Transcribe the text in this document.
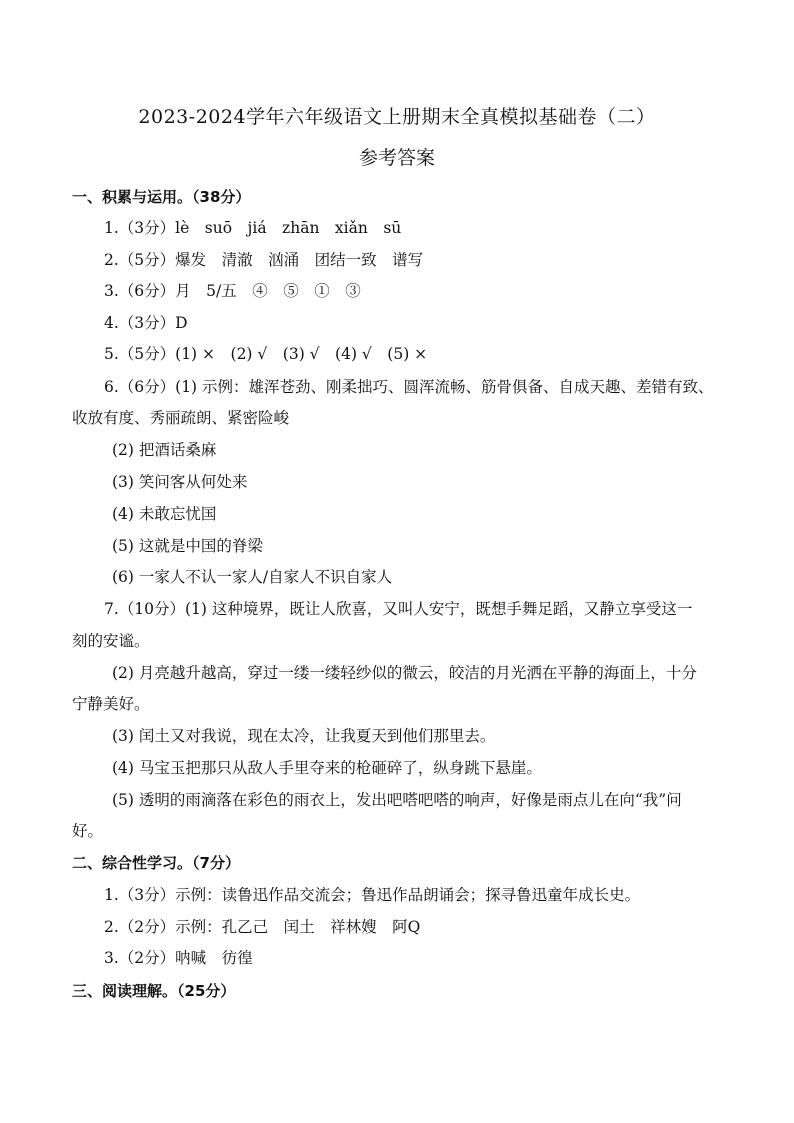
2023-2024学年六年级语文上册期末全真模拟基础卷（二）
参考答案
一、积累与运用。（38分）
1.（3分）lè　suō　jiá　zhān　xiǎn　sū
2.（5分）爆发　清澈　汹涌　团结一致　谱写
3.（6分）月　5/五　④　⑤　①　③
4.（3分）D
5.（5分）(1) ×　(2) √　(3) √　(4) √　(5) ×
6.（6分）(1) 示例：雄浑苍劲、刚柔拙巧、圆浑流畅、筋骨俱备、自成天趣、差错有致、
收放有度、秀丽疏朗、紧密险峻
(2) 把酒话桑麻
(3) 笑问客从何处来
(4) 未敢忘忧国
(5) 这就是中国的脊梁
(6) 一家人不认一家人/自家人不识自家人
7.（10分）(1) 这种境界，既让人欣喜，又叫人安宁，既想手舞足蹈，又静立享受这一
刻的安谧。
(2) 月亮越升越高，穿过一缕一缕轻纱似的微云，皎洁的月光洒在平静的海面上，十分
宁静美好。
(3) 闰土又对我说，现在太冷，让我夏天到他们那里去。
(4) 马宝玉把那只从敌人手里夺来的枪砸碎了，纵身跳下悬崖。
(5) 透明的雨滴落在彩色的雨衣上，发出吧嗒吧嗒的响声，好像是雨点儿在向“我”问
好。
二、综合性学习。（7分）
1.（3分）示例：读鲁迅作品交流会；鲁迅作品朗诵会；探寻鲁迅童年成长史。
2.（2分）示例：孔乙己　闰土　祥林嫂　阿Q
3.（2分）呐喊　彷徨
三、阅读理解。（25分）
